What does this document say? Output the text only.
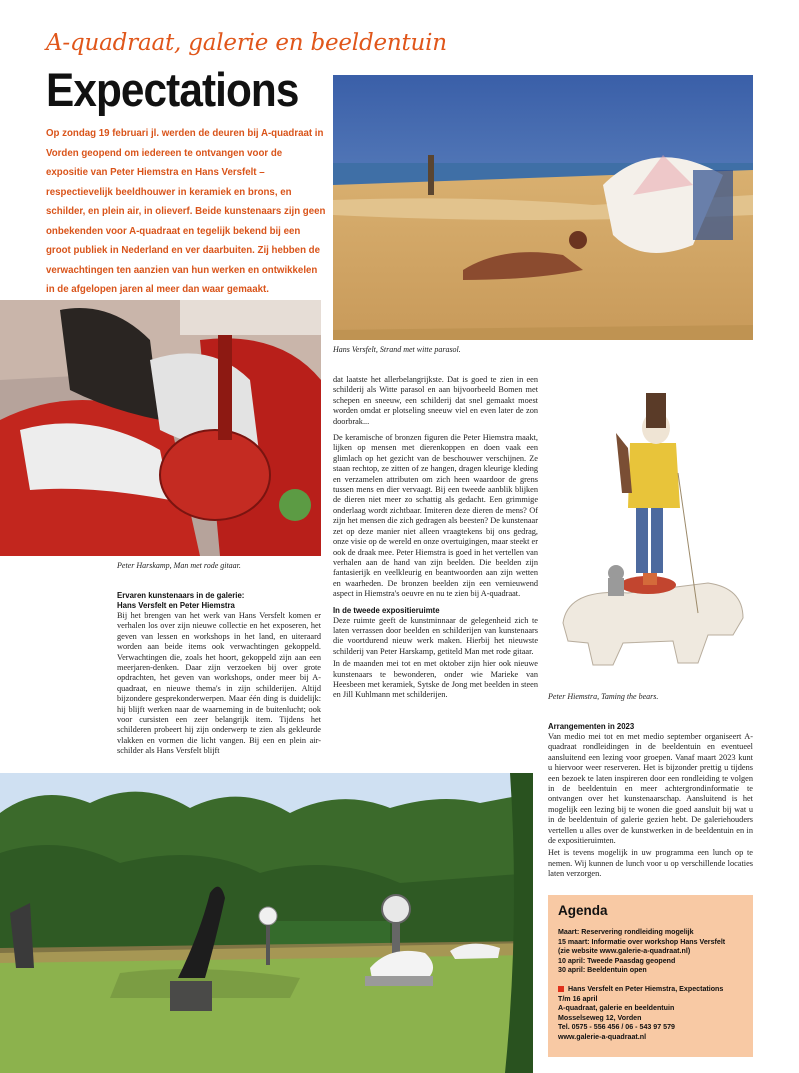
A-quadraat, galerie en beeldentuin
Expectations
Op zondag 19 februari jl. werden de deuren bij A-quadraat in Vorden geopend om iedereen te ontvangen voor de expositie van Peter Hiemstra en Hans Versfelt – respectievelijk beeldhouwer in keramiek en brons, en schilder, en plein air, in olieverf. Beide kunstenaars zijn geen onbekenden voor A-quadraat en tegelijk bekend bij een groot publiek in Nederland en ver daarbuiten. Zij hebben de verwachtingen ten aanzien van hun werken en ontwikkelen in de afgelopen jaren al meer dan waar gemaakt.
Hans Versfelt, Strand met witte parasol.
Peter Harskamp, Man met rode gitaar.
Ervaren kunstenaars in de galerie:
Hans Versfelt en Peter Hiemstra

Bij het brengen van het werk van Hans Versfelt komen er verhalen los over zijn nieuwe collectie en het exposeren, het geven van lessen en workshops in het land, en uiteraard worden aan beide items ook verwachtingen gekoppeld. Verwachtingen die, zoals het hoort, gekoppeld zijn aan een meerjaren-denken. Daar zijn verzoeken bij over grote opdrachten, het geven van workshops, onder meer bij A-quadraat, en nieuwe thema's in zijn schilderijen. Altijd bijzondere gesprekonderwerpen. Maar één ding is duidelijk: hij blijft werken naar de waarneming in de buitenlucht; ook voor cursisten een zeer belangrijk item. Tijdens het schilderen probeert hij zijn onderwerp te zien als gekleurde vlakken en vormen die licht vangen. Bij een en plein air-schilder als Hans Versfelt blijft

dat laatste het allerbelangrijkste. Dat is goed te zien in een schilderij als Witte parasol en aan bijvoorbeeld Bomen met schepen en sneeuw, een schilderij dat snel gemaakt moest worden omdat er plotseling sneeuw viel en even later de zon doorbrak...

De keramische of bronzen figuren die Peter Hiemstra maakt, lijken op mensen met dierenkoppen en doen vaak een glimlach op het gezicht van de beschouwer verschijnen. Ze staan rechtop, ze zitten of ze hangen, dragen kleurige kleding en verzamelen attributen om zich heen waardoor de grens tussen mens en dier vervaagt. Bij een tweede aanblik blijken de dieren niet meer zo schattig als gedacht. Een grimmige onderlaag wordt zichtbaar. Imiteren deze dieren de mens? Of zijn het mensen die zich gedragen als beesten? De kunstenaar zet op deze manier niet alleen vraagtekens bij ons gedrag, onze visie op de wereld en onze overtuigingen, maar steekt er ook de draak mee. Peter Hiemstra is goed in het vertellen van verhalen aan de hand van zijn beelden. Die beelden zijn fantasierijk en veelkleurig en beantwoorden aan zijn wetten en waarheden. De bronzen beelden zijn een vernieuwend aspect in Hiemstra's oeuvre en nu te zien bij A-quadraat.

In de tweede expositieruimte

Deze ruimte geeft de kunstminnaar de gelegenheid zich te laten verrassen door beelden en schilderijen van kunstenaars die voortdurend nieuw werk maken. Hierbij het nieuwste schilderij van Peter Harskamp, getiteld Man met rode gitaar.

In de maanden mei tot en met oktober zijn hier ook nieuwe kunstenaars te bewonderen, onder wie Marieke van Heesbeen met keramiek, Sytske de Jong met beelden in steen en Jill Kuhlmann met schilderijen.	Peter Hiemstra, Taming the bears.
Arrangementen in 2023

Van medio mei tot en met medio september organiseert A-quadraat rondleidingen in de beeldentuin en eventueel aansluitend een lezing voor groepen. Vanaf maart 2023 kunt u hiervoor weer reserveren. Het is bijzonder prettig u tijdens een bezoek te laten inspireren door een rondleiding te volgen in de beeldentuin en meer achtergrondinformatie te ontvangen over het kunstenaarschap. Aansluitend is het mogelijk een lezing bij te wonen die goed aansluit bij wat u in de beeldentuin of galerie gezien hebt. De galeriehouders vertellen u alles over de kunstwerken in de beeldentuin en in de expositieruimten.

Het is tevens mogelijk in uw programma een lunch op te nemen. Wij kunnen de lunch voor u op verschillende locaties laten verzorgen.

Agenda
Maart: Reservering rondleiding mogelijk
15 maart: Informatie over workshop Hans Versfelt
(zie website www.galerie-a-quadraat.nl)
10 april: Tweede Paasdag geopend
30 april: Beeldentuin open
Hans Versfelt en Peter Hiemstra, Expectations
T/m 16 april
A-quadraat, galerie en beeldentuin
Mosselseweg 12, Vorden
Tel. 0575 - 556 456 / 06 - 543 97 579
www.galerie-a-quadraat.nl
